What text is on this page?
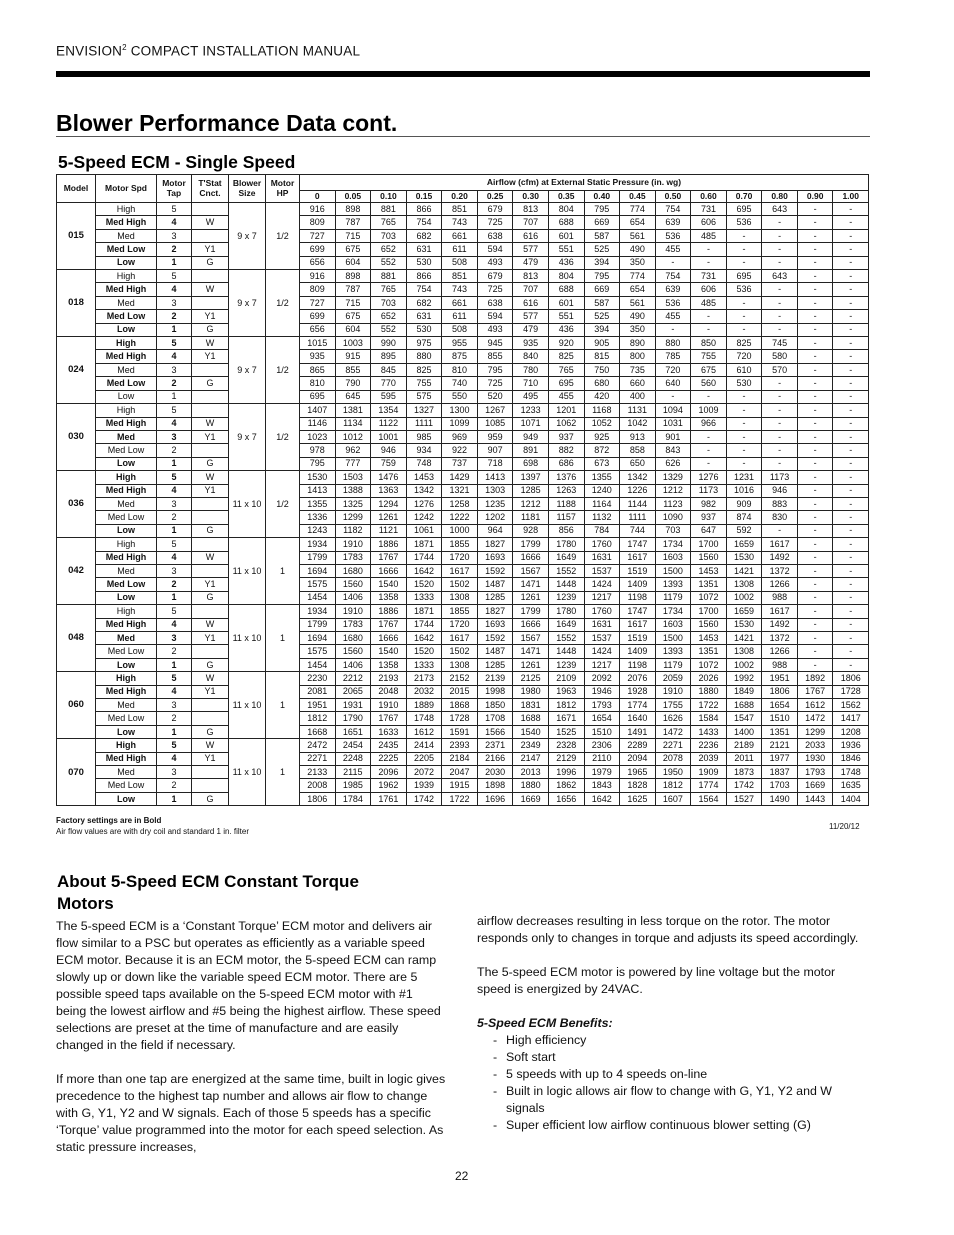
ENVISION$^2$ COMPACT INSTALLATION MANUAL
Blower Performance Data cont.
5-Speed ECM - Single Speed
Model	Motor Spd	Motor Tap	T'Stat Cnct.	Blower Size	Motor HP	Airflow (cfm) at External Static Pressure (in. wg)															
						0	0.05	0.10	0.15	0.20	0.25	0.30	0.35	0.40	0.45	0.50	0.60	0.70	0.80	0.90	1.00
015	High	5		9 x 7	1/2	916	898	881	866	851	679	813	804	795	774	754	731	695	643	-	-
	Med High	4	W			809	787	765	754	743	725	707	688	669	654	639	606	536	-	-	-
	Med	3				727	715	703	682	661	638	616	601	587	561	536	485	-	-	-	-
	Med Low	2	Y1			699	675	652	631	611	594	577	551	525	490	455	-	-	-	-	-
	Low	1	G			656	604	552	530	508	493	479	436	394	350	-	-	-	-	-	-
018	High	5		9 x 7	1/2	916	898	881	866	851	679	813	804	795	774	754	731	695	643	-	-
	Med High	4	W			809	787	765	754	743	725	707	688	669	654	639	606	536	-	-	-
	Med	3				727	715	703	682	661	638	616	601	587	561	536	485	-	-	-	-
	Med Low	2	Y1			699	675	652	631	611	594	577	551	525	490	455	-	-	-	-	-
	Low	1	G			656	604	552	530	508	493	479	436	394	350	-	-	-	-	-	-
024	High	5	W	9 x 7	1/2	1015	1003	990	975	955	945	935	920	905	890	880	850	825	745	-	-
	Med High	4	Y1			935	915	895	880	875	855	840	825	815	800	785	755	720	580	-	-
	Med	3				865	855	845	825	810	795	780	765	750	735	720	675	610	570	-	-
	Med Low	2	G			810	790	770	755	740	725	710	695	680	660	640	560	530	-	-	-
	Low	1				695	645	595	575	550	520	495	455	420	400	-	-	-	-	-	-
030	High	5		9 x 7	1/2	1407	1381	1354	1327	1300	1267	1233	1201	1168	1131	1094	1009	-	-	-	-
	Med High	4	W			1146	1134	1122	1111	1099	1085	1071	1062	1052	1042	1031	966	-	-	-	-
	Med	3	Y1			1023	1012	1001	985	969	959	949	937	925	913	901	-	-	-	-	-
	Med Low	2				978	962	946	934	922	907	891	882	872	858	843	-	-	-	-	-
	Low	1	G			795	777	759	748	737	718	698	686	673	650	626	-	-	-	-	-
036	High	5	W	11 x 10	1/2	1530	1503	1476	1453	1429	1413	1397	1376	1355	1342	1329	1276	1231	1173	-	-
	Med High	4	Y1			1413	1388	1363	1342	1321	1303	1285	1263	1240	1226	1212	1173	1016	946	-	-
	Med	3				1355	1325	1294	1276	1258	1235	1212	1188	1164	1144	1123	982	909	883	-	-
	Med Low	2				1336	1299	1261	1242	1222	1202	1181	1157	1132	1111	1090	937	874	830	-	-
	Low	1	G			1243	1182	1121	1061	1000	964	928	856	784	744	703	647	592	-	-	-
042	High	5		11 x 10	1	1934	1910	1886	1871	1855	1827	1799	1780	1760	1747	1734	1700	1659	1617	-	-
	Med High	4	W			1799	1783	1767	1744	1720	1693	1666	1649	1631	1617	1603	1560	1530	1492	-	-
	Med	3				1694	1680	1666	1642	1617	1592	1567	1552	1537	1519	1500	1453	1421	1372	-	-
	Med Low	2	Y1			1575	1560	1540	1520	1502	1487	1471	1448	1424	1409	1393	1351	1308	1266	-	-
	Low	1	G			1454	1406	1358	1333	1308	1285	1261	1239	1217	1198	1179	1072	1002	988	-	-
048	High	5		11 x 10	1	1934	1910	1886	1871	1855	1827	1799	1780	1760	1747	1734	1700	1659	1617	-	-
	Med High	4	W			1799	1783	1767	1744	1720	1693	1666	1649	1631	1617	1603	1560	1530	1492	-	-
	Med	3	Y1			1694	1680	1666	1642	1617	1592	1567	1552	1537	1519	1500	1453	1421	1372	-	-
	Med Low	2				1575	1560	1540	1520	1502	1487	1471	1448	1424	1409	1393	1351	1308	1266	-	-
	Low	1	G			1454	1406	1358	1333	1308	1285	1261	1239	1217	1198	1179	1072	1002	988	-	-
060	High	5	W	11 x 10	1	2230	2212	2193	2173	2152	2139	2125	2109	2092	2076	2059	2026	1992	1951	1892	1806
	Med High	4	Y1			2081	2065	2048	2032	2015	1998	1980	1963	1946	1928	1910	1880	1849	1806	1767	1728
	Med	3				1951	1931	1910	1889	1868	1850	1831	1812	1793	1774	1755	1722	1688	1654	1612	1562
	Med Low	2				1812	1790	1767	1748	1728	1708	1688	1671	1654	1640	1626	1584	1547	1510	1472	1417
	Low	1	G			1668	1651	1633	1612	1591	1566	1540	1525	1510	1491	1472	1433	1400	1351	1299	1208
070	High	5	W	11 x 10	1	2472	2454	2435	2414	2393	2371	2349	2328	2306	2289	2271	2236	2189	2121	2033	1936
	Med High	4	Y1			2271	2248	2225	2205	2184	2166	2147	2129	2110	2094	2078	2039	2011	1977	1930	1846
	Med	3				2133	2115	2096	2072	2047	2030	2013	1996	1979	1965	1950	1909	1873	1837	1793	1748
	Med Low	2				2008	1985	1962	1939	1915	1898	1880	1862	1843	1828	1812	1774	1742	1703	1669	1635
	Low	1	G			1806	1784	1761	1742	1722	1696	1669	1656	1642	1625	1607	1564	1527	1490	1443	1404
Factory settings are in Bold
Air flow values are with dry coil and standard 1 in. filter
11/20/12
About 5-Speed ECM Constant Torque Motors

The 5-speed ECM is a ‘Constant Torque’ ECM motor and delivers air flow similar to a PSC but operates as efficiently as a variable speed ECM motor. Because it is an ECM motor, the 5-speed ECM can ramp slowly up or down like the variable speed ECM motor. There are 5 possible speed taps available on the 5-speed ECM motor with #1 being the lowest airflow and #5 being the highest airflow. These speed selections are preset at the time of manufacture and are easily changed in the field if necessary.

If more than one tap are energized at the same time, built in logic gives precedence to the highest tap number and allows air flow to change with G, Y1, Y2 and W signals. Each of those 5 speeds has a specific ‘Torque’ value programmed into the motor for each speed selection. As static pressure increases,

airflow decreases resulting in less torque on the rotor. The motor responds only to changes in torque and adjusts its speed accordingly.

The 5-speed ECM motor is powered by line voltage but the motor speed is energized by 24VAC.

5-Speed ECM Benefits:

- High efficiency
- Soft start
- 5 speeds with up to 4 speeds on-line
- Built in logic allows air flow to change with G, Y1, Y2 and W signals
- Super efficient low airflow continuous blower setting (G)
22
